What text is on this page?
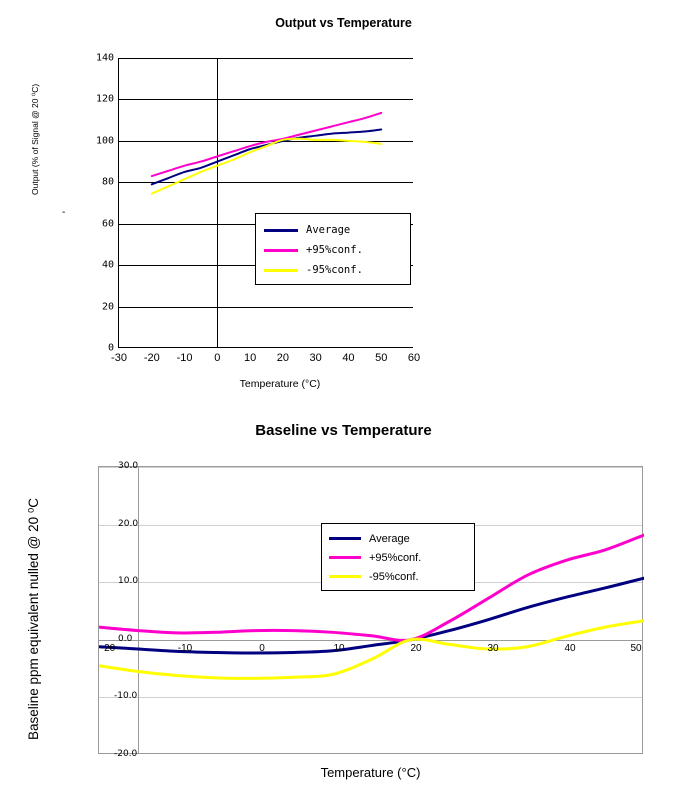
Output vs Temperature
Output (% of Signal @ 20 ⁰C)
-
140
120
100
80
60
40
20
0
-30 -20 -10 0 10 20 30 40 50 60
Average
+95%conf.
-95%conf.
Temperature (°C)
Baseline vs Temperature
Baseline ppm equivalent nulled @ 20 ⁰C	Average
+95%conf.
-95%conf.
30.0
20.0
10.0
0.0
-10.0
-20.0
-20	-10	0	10	20	30	40	50
Temperature (°C)
